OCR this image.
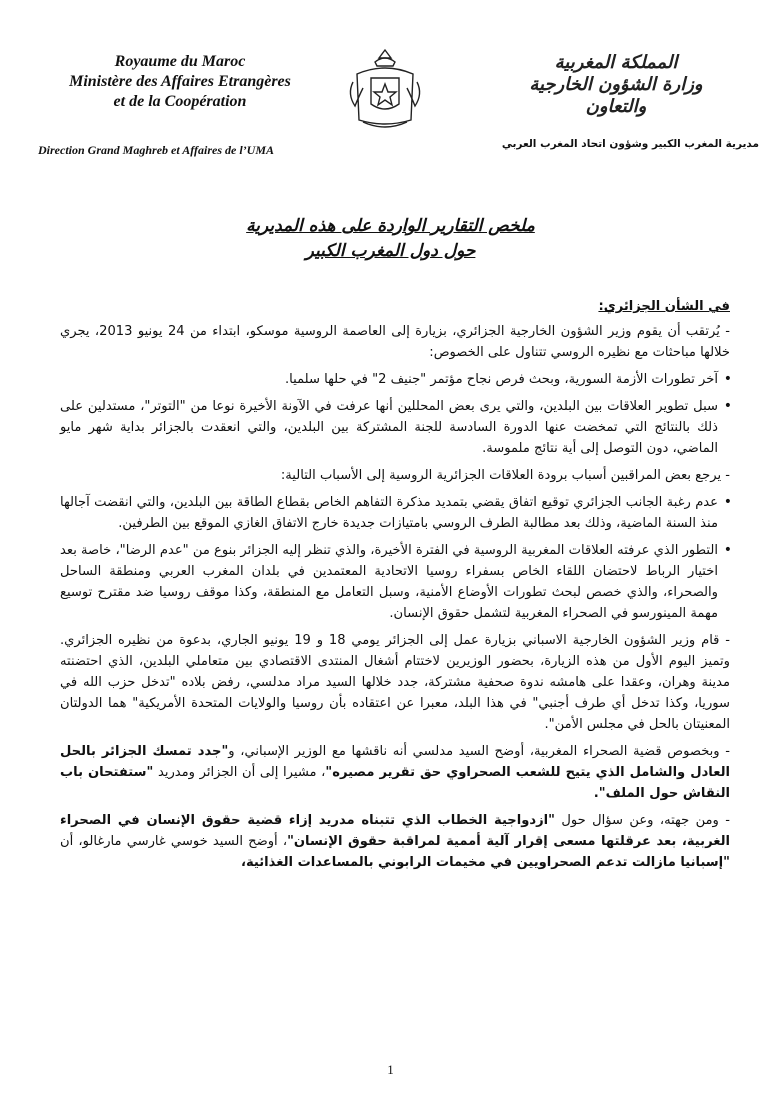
Royaume du Maroc
Ministère des Affaires Etrangères
et de la Coopération
Direction Grand Maghreb et Affaires de l’UMA
المملكة المغربية
وزارة الشؤون الخارجية
والتعاون
مديرية المغرب الكبير وشؤون اتحاد المغرب العربي
ملخص التقارير الواردة على هذه المديرية
حول دول المغرب الكبير

في الشأن الجزائري:

- يُرتقب أن يقوم وزير الشؤون الخارجية الجزائري، بزيارة إلى العاصمة الروسية موسكو، ابتداء من 24 يونيو 2013، يجري خلالها مباحثات مع نظيره الروسي تتناول على الخصوص:

• آخر تطورات الأزمة السورية، وبحث فرص نجاح مؤتمر "جنيف 2" في حلها سلميا.

• سبل تطوير العلاقات بين البلدين، والتي يرى بعض المحللين أنها عرفت في الآونة الأخيرة نوعا من "التوتر"، مستدلين على ذلك بالنتائج التي تمخضت عنها الدورة السادسة للجنة المشتركة بين البلدين، والتي انعقدت بالجزائر بداية شهر مايو الماضي، دون التوصل إلى أية نتائج ملموسة.

- يرجع بعض المراقبين أسباب برودة العلاقات الجزائرية الروسية إلى الأسباب التالية:

• عدم رغبة الجانب الجزائري توقيع اتفاق يقضي بتمديد مذكرة التفاهم الخاص بقطاع الطاقة بين البلدين، والتي انقضت آجالها منذ السنة الماضية، وذلك بعد مطالبة الطرف الروسي بامتيازات جديدة خارج الاتفاق الغازي الموقع بين الطرفين.

• التطور الذي عرفته العلاقات المغربية الروسية في الفترة الأخيرة، والذي تنظر إليه الجزائر بنوع من "عدم الرضا"، خاصة بعد اختيار الرباط لاحتضان اللقاء الخاص بسفراء روسيا الاتحادية المعتمدين في بلدان المغرب العربي ومنطقة الساحل والصحراء، والذي خصص لبحث تطورات الأوضاع الأمنية، وسبل التعامل مع المنطقة، وكذا موقف روسيا ضد مقترح توسيع مهمة المينورسو في الصحراء المغربية لتشمل حقوق الإنسان.

- قام وزير الشؤون الخارجية الاسباني بزيارة عمل إلى الجزائر يومي 18 و 19 يونيو الجاري، بدعوة من نظيره الجزائري. وتميز اليوم الأول من هذه الزيارة، بحضور الوزيرين لاختتام أشغال المنتدى الاقتصادي بين متعاملي البلدين، الذي احتضنته مدينة وهران، وعقدا على هامشه ندوة صحفية مشتركة، جدد خلالها السيد مراد مدلسي، رفض بلاده "تدخل حزب الله في سوريا، وكذا تدخل أي طرف أجنبي" في هذا البلد، معبرا عن اعتقاده بأن روسيا والولايات المتحدة الأمريكية" هما الدولتان المعنيتان بالحل في مجلس الأمن".

- وبخصوص قضية الصحراء المغربية، أوضح السيد مدلسي أنه ناقشها مع الوزير الإسباني، و"جدد تمسك الجزائر بالحل العادل والشامل الذي يتيح للشعب الصحراوي حق تقرير مصيره"، مشيرا إلى أن الجزائر ومدريد "ستفتحان باب النقاش حول الملف".

- ومن جهته، وعن سؤال حول "ازدواجية الخطاب الذي تتبناه مدريد إزاء قضية حقوق الإنسان في الصحراء الغربية، بعد عرقلتها مسعى إقرار آلية أممية لمراقبة حقوق الإنسان"، أوضح السيد خوسي غارسي مارغالو، أن "إسبانيا مازالت تدعم الصحراويين في مخيمات الرابوني بالمساعدات الغذائية،

1
